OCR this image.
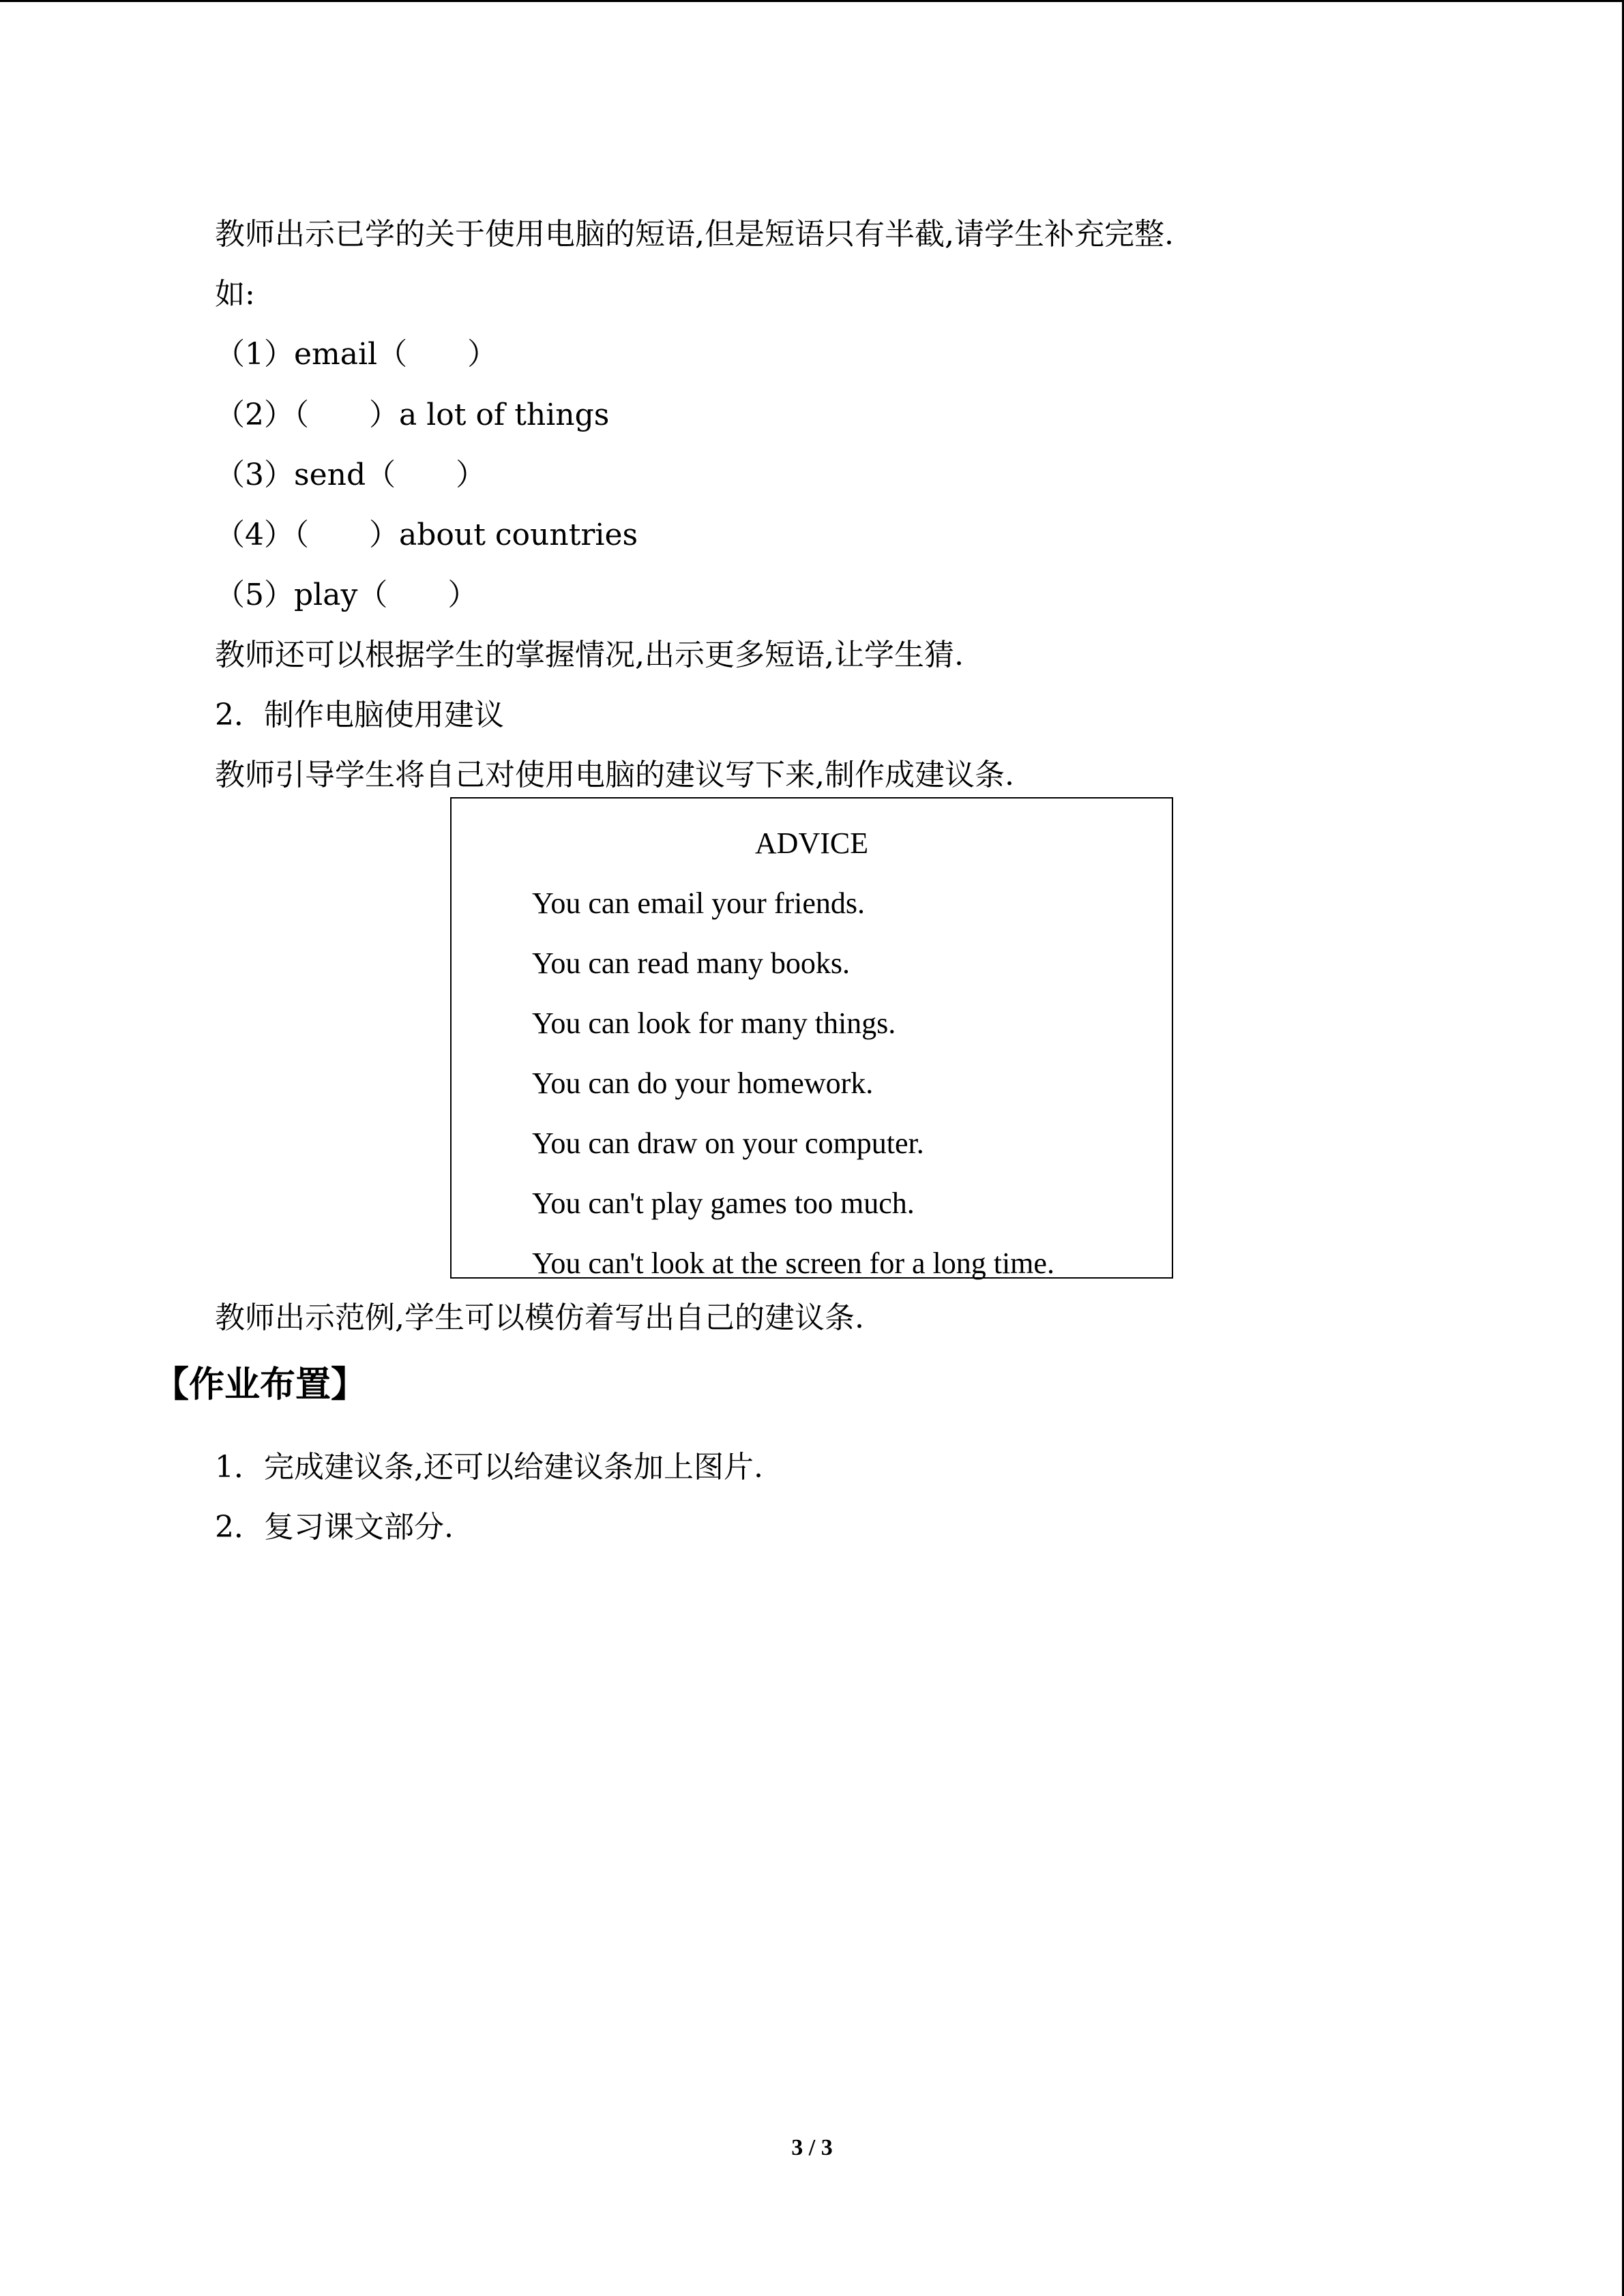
教师出示已学的关于使用电脑的短语,但是短语只有半截,请学生补充完整.
如:
（1）email（　　）
（2）（　　）a lot of things
（3）send（　　）
（4）（　　）about countries
（5）play（　　）
教师还可以根据学生的掌握情况,出示更多短语,让学生猜.
2．制作电脑使用建议
教师引导学生将自己对使用电脑的建议写下来,制作成建议条.
ADVICE
You can email your friends.
You can read many books.
You can look for many things.
You can do your homework.
You can draw on your computer.
You can't play games too much.
You can't look at the screen for a long time.
教师出示范例,学生可以模仿着写出自己的建议条.
【作业布置】
1．完成建议条,还可以给建议条加上图片.
2．复习课文部分.
3 / 3
